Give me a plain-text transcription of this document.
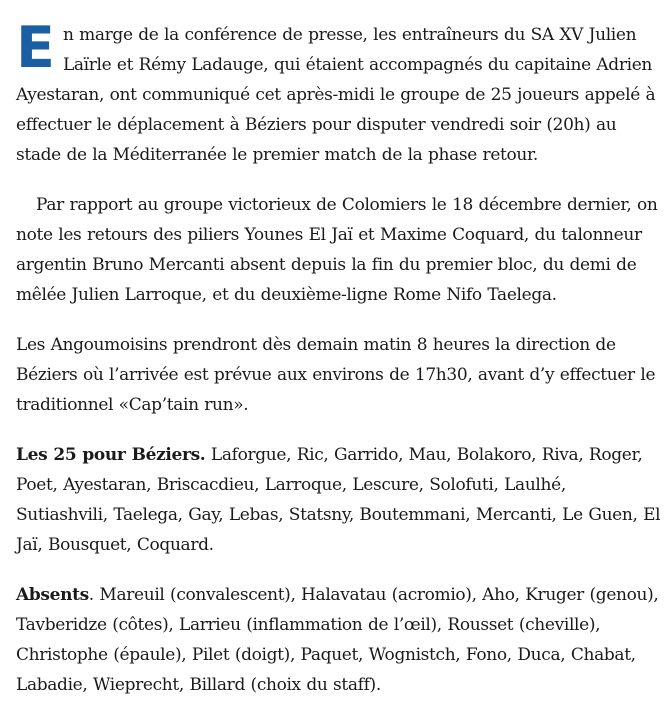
En marge de la conférence de presse, les entraîneurs du SA XV Julien Laïrle et Rémy Ladauge, qui étaient accompagnés du capitaine Adrien Ayestaran, ont communiqué cet après-midi le groupe de 25 joueurs appelé à effectuer le déplacement à Béziers pour disputer vendredi soir (20h) au stade de la Méditerranée le premier match de la phase retour.

Par rapport au groupe victorieux de Colomiers le 18 décembre dernier, on note les retours des piliers Younes El Jaï et Maxime Coquard, du talonneur argentin Bruno Mercanti absent depuis la fin du premier bloc, du demi de mêlée Julien Larroque, et du deuxième-ligne Rome Nifo Taelega.

Les Angoumoisins prendront dès demain matin 8 heures la direction de Béziers où l’arrivée est prévue aux environs de 17h30, avant d’y effectuer le traditionnel «Cap’tain run».

Les 25 pour Béziers. Laforgue, Ric, Garrido, Mau, Bolakoro, Riva, Roger, Poet, Ayestaran, Briscacdieu, Larroque, Lescure, Solofuti, Laulhé, Sutiashvili, Taelega, Gay, Lebas, Statsny, Boutemmani, Mercanti, Le Guen, El Jaï, Bousquet, Coquard.

Absents. Mareuil (convalescent), Halavatau (acromio), Aho, Kruger (genou), Tavberidze (côtes), Larrieu (inflammation de l’œil), Rousset (cheville), Christophe (épaule), Pilet (doigt), Paquet, Wognistch, Fono, Duca, Chabat, Labadie, Wieprecht, Billard (choix du staff).
